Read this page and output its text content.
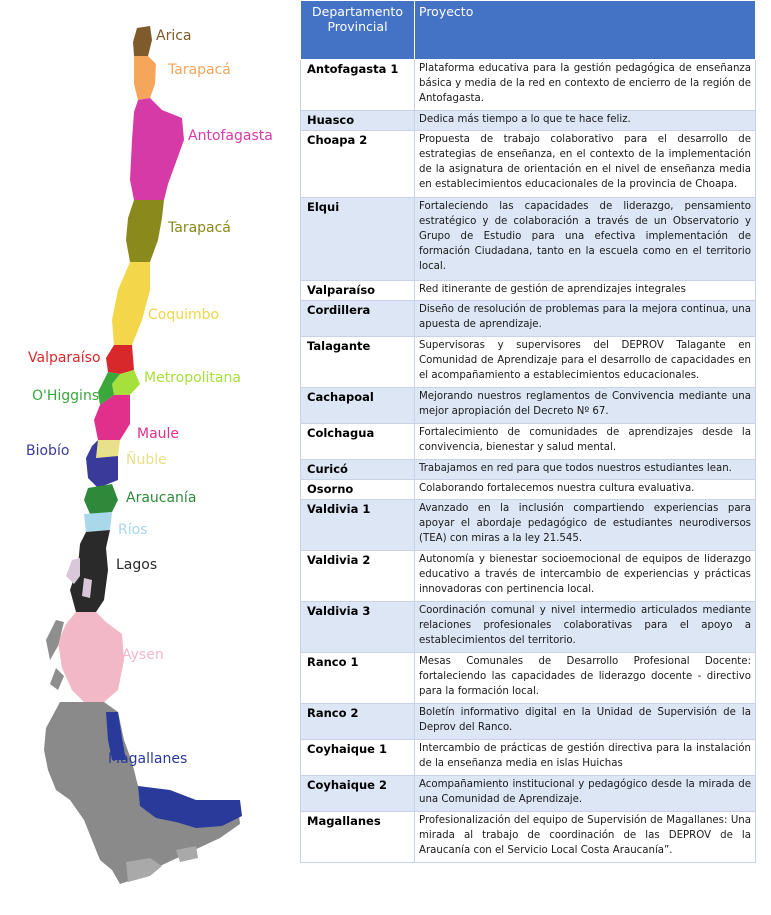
Arica
Tarapacá
Antofagasta
Tarapacá
Coquimbo
Valparaíso
Metropolitana
O'Higgins
Maule
Biobío
Ñuble
Araucanía
Ríos
Lagos
Aysen
Magallanes
Departamento Provincial	Proyecto
Antofagasta 1	Plataforma educativa para la gestión pedagógica de enseñanza básica y media de la red en contexto de encierro de la región de Antofagasta.
Huasco	Dedica más tiempo a lo que te hace feliz.
Choapa 2	Propuesta de trabajo colaborativo para el desarrollo de estrategias de enseñanza, en el contexto de la implementación de la asignatura de orientación en el nivel de enseñanza media en establecimientos educacionales de la provincia de Choapa.
Elqui	Fortaleciendo las capacidades de liderazgo, pensamiento estratégico y de colaboración a través de un Observatorio y Grupo de Estudio para una efectiva implementación de formación Ciudadana, tanto en la escuela como en el territorio local.
Valparaíso	Red itinerante de gestión de aprendizajes integrales
Cordillera	Diseño de resolución de problemas para la mejora continua, una apuesta de aprendizaje.
Talagante	Supervisoras y supervisores del DEPROV Talagante en Comunidad de Aprendizaje para el desarrollo de capacidades en el acompañamiento a establecimientos educacionales.
Cachapoal	Mejorando nuestros reglamentos de Convivencia mediante una mejor apropiación del Decreto Nº 67.
Colchagua	Fortalecimiento de comunidades de aprendizajes desde la convivencia, bienestar y salud mental.
Curicó	Trabajamos en red para que todos nuestros estudiantes lean.
Osorno	Colaborando fortalecemos nuestra cultura evaluativa.
Valdivia 1	Avanzado en la inclusión compartiendo experiencias para apoyar el abordaje pedagógico de estudiantes neurodiversos (TEA) con miras a la ley 21.545.
Valdivia 2	Autonomía y bienestar socioemocional de equipos de liderazgo educativo a través de intercambio de experiencias y prácticas innovadoras con pertinencia local.
Valdivia 3	Coordinación comunal y nivel intermedio articulados mediante relaciones profesionales colaborativas para el apoyo a establecimientos del territorio.
Ranco 1	Mesas Comunales de Desarrollo Profesional Docente: fortaleciendo las capacidades de liderazgo docente - directivo para la formación local.
Ranco 2	Boletín informativo digital en la Unidad de Supervisión de la Deprov del Ranco.
Coyhaique 1	Intercambio de prácticas de gestión directiva para la instalación de la enseñanza media en islas Huichas
Coyhaique 2	Acompañamiento institucional y pedagógico desde la mirada de una Comunidad de Aprendizaje.
Magallanes	Profesionalización del equipo de Supervisión de Magallanes: Una mirada al trabajo de coordinación de las DEPROV de la Araucanía con el Servicio Local Costa Araucanía”.
